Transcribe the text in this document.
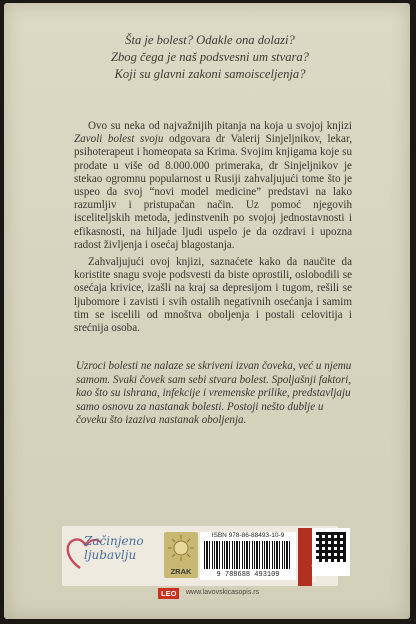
Šta je bolest? Odakle ona dolazi?
Zbog čega je naš podsvesni um stvara?
Koji su glavni zakoni samoisceljenja?

Ovo su neka od najvažnijih pitanja na koja u svojoj knjizi Zavoli bolest svoju odgovara dr Valerij Sinjeljnikov, lekar, psihoterapeut i homeopata sa Krima. Svojim knjigama koje su prodate u više od 8.000.000 primeraka, dr Sinjeljnikov je stekao ogromnu popularnost u Rusiji zahvaljujući tome što je uspeo da svoj “novi model medicine” predstavi na lako razumljiv i pristupačan način. Uz pomoć njegovih isceliteljskih metoda, jedinstvenih po svojoj jednostavnosti i efikasnosti, na hiljade ljudi uspelo je da ozdravi i upozna radost življenja i osećaj blagostanja.

Zahvaljujući ovoj knjizi, saznaćete kako da naučite da koristite snagu svoje podsvesti da biste oprostili, oslobodili se osećaja krivice, izašli na kraj sa depresijom i tugom, rešili se ljubomore i zavisti i svih ostalih negativnih osećanja i samim tim se iscelili od mnoštva oboljenja i postali celovitija i srećnija osoba.

Uzroci bolesti ne nalaze se skriveni izvan čoveka, već u njemu samom. Svaki čovek sam sebi stvara bolest. Spoljašnji faktori, kao što su ishrana, infekcije i vremenske prilike, predstavljaju samo osnovu za nastanak bolesti. Postoji nešto dublje u čoveku što izaziva nastanak oboljenja.
Začinjeno ljubavlju
ZRAK
ISBN 978-86-88493-10-9
9 788688 493109
LEO	www.lavovskicasopis.rs
